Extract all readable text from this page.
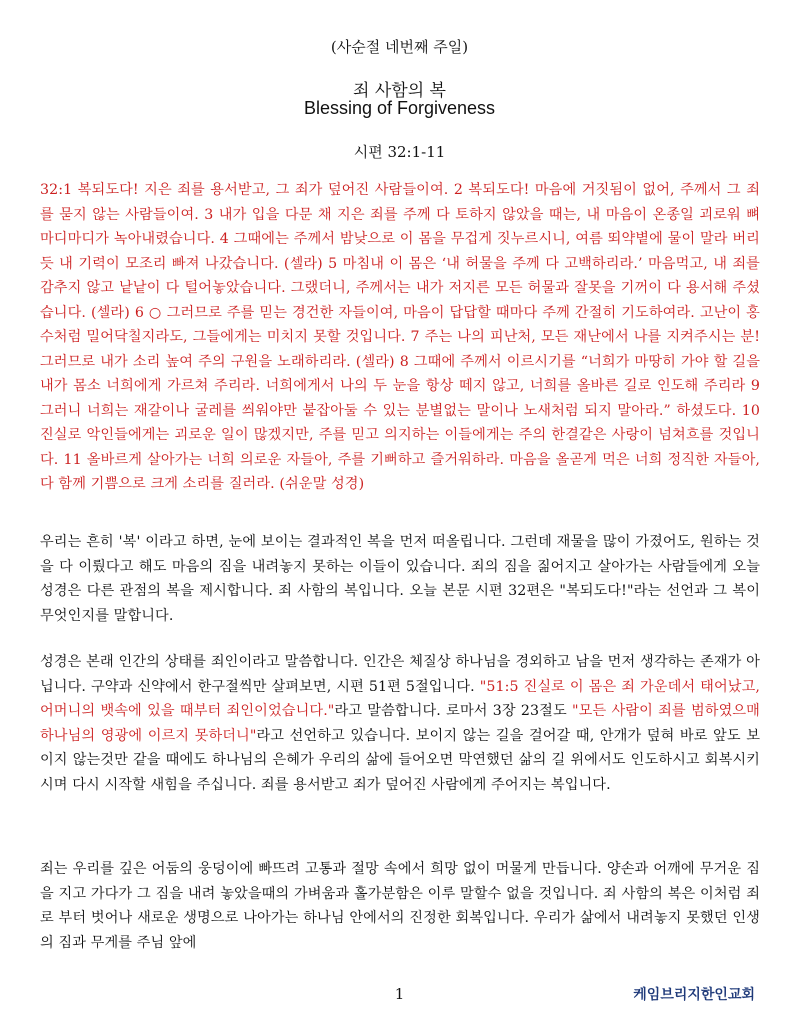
(사순절 네번째 주일)
죄 사함의 복
Blessing of Forgiveness
시편 32:1-11
32:1 복되도다! 지은 죄를 용서받고, 그 죄가 덮어진 사람들이여. 2 복되도다! 마음에 거짓됨이 없어, 주께서 그 죄를 묻지 않는 사람들이여. 3 내가 입을 다문 채 지은 죄를 주께 다 토하지 않았을 때는, 내 마음이 온종일 괴로워 뼈 마디마디가 녹아내렸습니다. 4 그때에는 주께서 밤낮으로 이 몸을 무겁게 짓누르시니, 여름 뙤약볕에 물이 말라 버리듯 내 기력이 모조리 빠져 나갔습니다. (셀라) 5 마침내 이 몸은 ‘내 허물을 주께 다 고백하리라.’ 마음먹고, 내 죄를 감추지 않고 낱낱이 다 털어놓았습니다. 그랬더니, 주께서는 내가 저지른 모든 허물과 잘못을 기꺼이 다 용서해 주셨습니다. (셀라) 6 ○ 그러므로 주를 믿는 경건한 자들이여, 마음이 답답할 때마다 주께 간절히 기도하여라. 고난이 홍수처럼 밀어닥칠지라도, 그들에게는 미치지 못할 것입니다. 7 주는 나의 피난처, 모든 재난에서 나를 지켜주시는 분! 그러므로 내가 소리 높여 주의 구원을 노래하리라. (셀라) 8 그때에 주께서 이르시기를 “너희가 마땅히 가야 할 길을 내가 몸소 너희에게 가르쳐 주리라. 너희에게서 나의 두 눈을 항상 떼지 않고, 너희를 올바른 길로 인도해 주리라 9 그러니 너희는 재갈이나 굴레를 씌워야만 붙잡아둘 수 있는 분별없는 말이나 노새처럼 되지 말아라.” 하셨도다. 10 진실로 악인들에게는 괴로운 일이 많겠지만, 주를 믿고 의지하는 이들에게는 주의 한결같은 사랑이 넘쳐흐를 것입니다. 11 올바르게 살아가는 너희 의로운 자들아, 주를 기뻐하고 즐거워하라. 마음을 올곧게 먹은 너희 정직한 자들아, 다 함께 기쁨으로 크게 소리를 질러라. (쉬운말 성경)
우리는 흔히 '복' 이라고 하면, 눈에 보이는 결과적인 복을 먼저 떠올립니다. 그런데 재물을 많이 가졌어도, 원하는 것을 다 이뤘다고 해도 마음의 짐을 내려놓지 못하는 이들이 있습니다. 죄의 짐을 짊어지고 살아가는 사람들에게 오늘 성경은 다른 관점의 복을 제시합니다. 죄 사함의 복입니다. 오늘 본문 시편 32편은 "복되도다!"라는 선언과 그 복이 무엇인지를 말합니다.
성경은 본래 인간의 상태를 죄인이라고 말씀합니다. 인간은 체질상 하나님을 경외하고 남을 먼저 생각하는 존재가 아닙니다. 구약과 신약에서 한구절씩만 살펴보면, 시편 51편 5절입니다. "51:5 진실로 이 몸은 죄 가운데서 태어났고, 어머니의 뱃속에 있을 때부터 죄인이었습니다."라고 말씀합니다. 로마서 3장 23절도 "모든 사람이 죄를 범하였으매 하나님의 영광에 이르지 못하더니"라고 선언하고 있습니다. 보이지 않는 길을 걸어갈 때, 안개가 덮혀 바로 앞도 보이지 않는것만 같을 때에도 하나님의 은혜가 우리의 삶에 들어오면 막연했던 삶의 길 위에서도 인도하시고 회복시키시며 다시 시작할 새힘을 주십니다. 죄를 용서받고 죄가 덮어진 사람에게 주어지는 복입니다.
죄는 우리를 깊은 어둠의 웅덩이에 빠뜨려 고통과 절망 속에서 희망 없이 머물게 만듭니다. 양손과 어깨에 무거운 짐을 지고 가다가 그 짐을 내려 놓았을때의 가벼움과 홀가분함은 이루 말할수 없을 것입니다. 죄 사함의 복은 이처럼 죄로 부터 벗어나 새로운 생명으로 나아가는 하나님 안에서의 진정한 회복입니다. 우리가 삶에서 내려놓지 못했던 인생의 짐과 무게를 주님 앞에
1	케임브리지한인교회
